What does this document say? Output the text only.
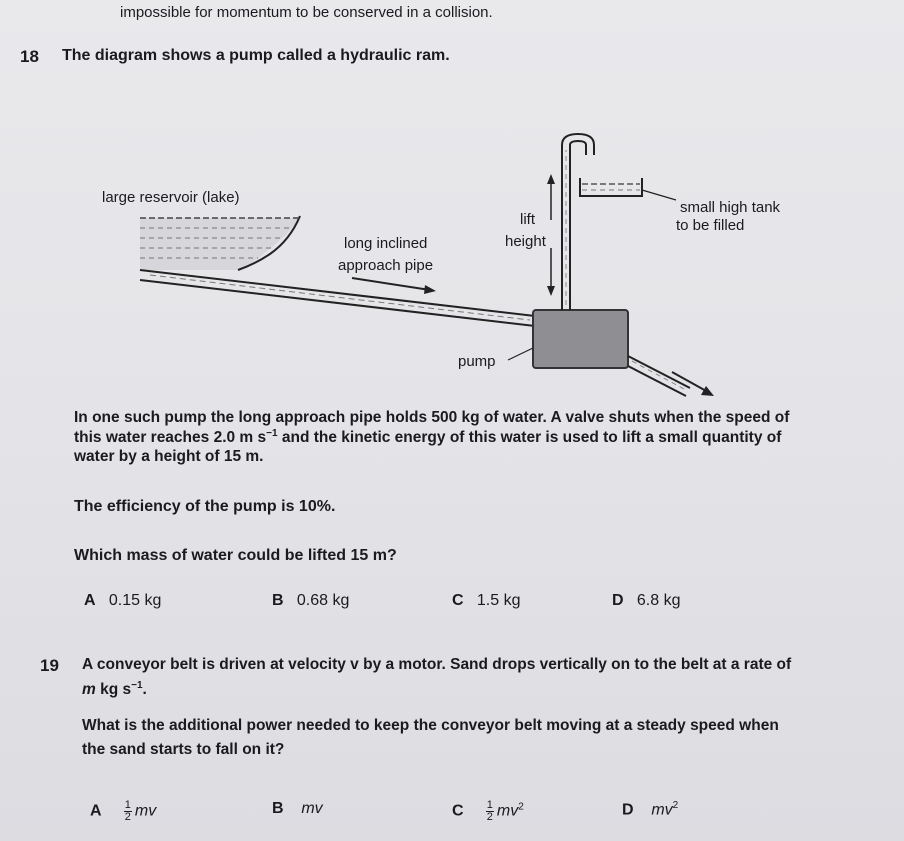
impossible for momentum to be conserved in a collision.
18 The diagram shows a pump called a hydraulic ram.
large reservoir (lake)
long inclined
approach pipe
lift
height
small high tank
to be filled
pump
In one such pump the long approach pipe holds 500 kg of water. A valve shuts when the speed of
this water reaches 2.0 m $s^{-1}$ and the kinetic energy of this water is used to lift a small quantity of
water by a height of 15 m.
The efficiency of the pump is 10%.
Which mass of water could be lifted 15 m?
A 0.15 kg	B 0.68 kg	C 1.5 kg	D 6.8 kg
19 A conveyor belt is driven at velocity v by a motor. Sand drops vertically on to the belt at a rate of
m kg $s^{-1}$.
What is the additional power needed to keep the conveyor belt moving at a steady speed when
the sand starts to fall on it?
A $\frac{1}{2}$ mv	B mv	C $\frac{1}{2} mv^2$	D $mv^2$
